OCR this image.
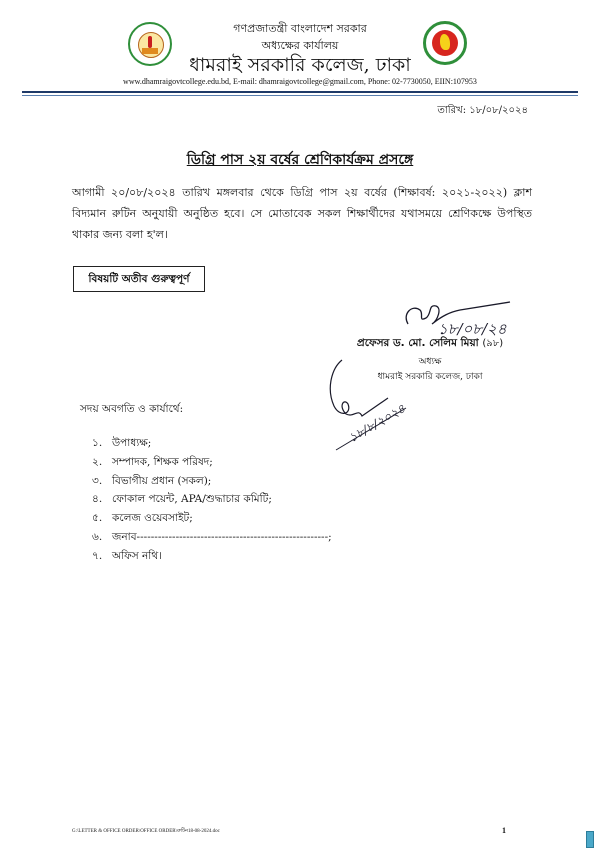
গণপ্রজাতন্ত্রী বাংলাদেশ সরকার
অধ্যক্ষের কার্যালয়
ধামরাই সরকারি কলেজ, ঢাকা
www.dhamraigovtcollege.edu.bd, E-mail: dhamraigovtcollege@gmail.com, Phone: 02-7730050, EIIN:107953
তারিখ: ১৮/০৮/২০২৪
ডিগ্রি পাস ২য় বর্ষের শ্রেণিকার্যক্রম প্রসঙ্গে
আগামী ২০/০৮/২০২৪ তারিখ মঙ্গলবার থেকে ডিগ্রি পাস ২য় বর্ষের (শিক্ষাবর্ষ: ২০২১-২০২২) ক্লাশ বিদ্যমান রুটিন অনুযায়ী অনুষ্ঠিত হবে। সে মোতাবেক সকল শিক্ষার্থীদের যথাসময়ে শ্রেণিকক্ষে উপস্থিত থাকার জন্য বলা হ'ল।
বিষয়টি অতীব গুরুত্বপূর্ণ
১৮/০৮/২৪
প্রফেসর ড. মো. সেলিম মিয়া (৯৮)
অধ্যক্ষ
ধামরাই সরকারি কলেজ, ঢাকা
১৮/৮/২০২৪
সদয় অবগতি ও কার্যার্থে:
১. উপাধ্যক্ষ;
২. সম্পাদক, শিক্ষক পরিষদ;
৩. বিভাগীয় প্রধান (সকল);
৪. ফোকাল পয়েন্ট, APA/শুদ্ধাচার কমিটি;
৫. কলেজ ওয়েবসাইট;
৬. জনাব------------------------------------------------------;
৭. অফিস নথি।
G:\LETTER & OFFICE ORDER\OFFICE ORDER\রুটিন18-08-2024.doc	1
